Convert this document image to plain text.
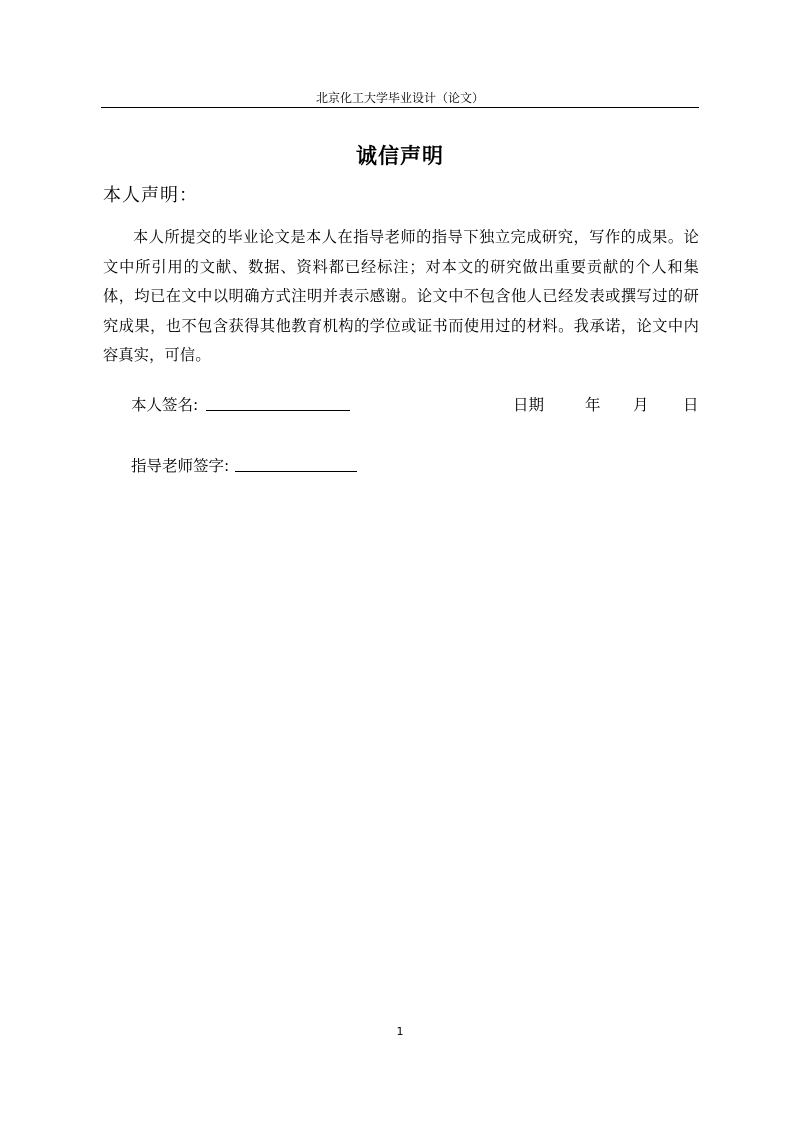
北京化工大学毕业设计（论文）
诚信声明
本人声明：
本人所提交的毕业论文是本人在指导老师的指导下独立完成研究，写作的成果。论文中所引用的文献、数据、资料都已经标注；对本文的研究做出重要贡献的个人和集体，均已在文中以明确方式注明并表示感谢。论文中不包含他人已经发表或撰写过的研究成果，也不包含获得其他教育机构的学位或证书而使用过的材料。我承诺，论文中内容真实，可信。
本人签名:	日期	年 月 日
指导老师签字:
1
